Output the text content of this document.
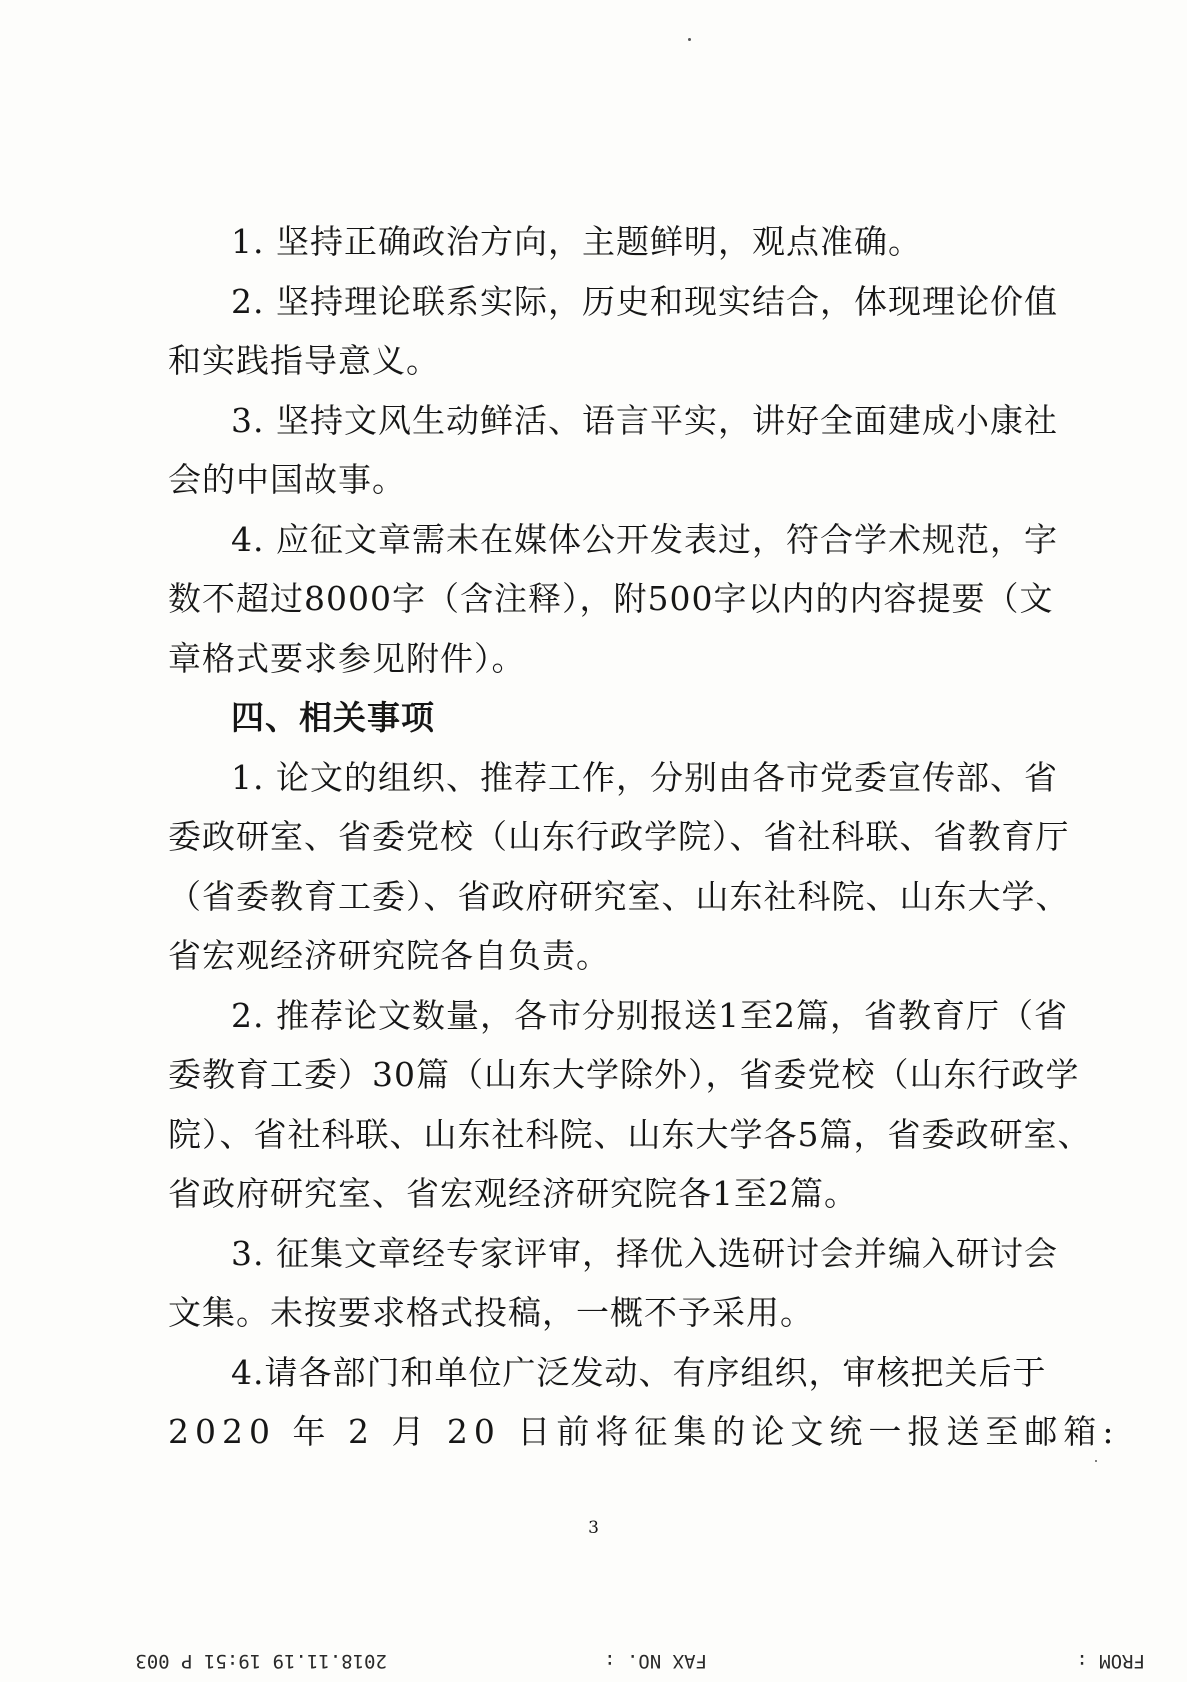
1. 坚持正确政治方向，主题鲜明，观点准确。
2. 坚持理论联系实际，历史和现实结合，体现理论价值
和实践指导意义。
3. 坚持文风生动鲜活、语言平实，讲好全面建成小康社
会的中国故事。
4. 应征文章需未在媒体公开发表过，符合学术规范，字
数不超过8000字（含注释），附500字以内的内容提要（文
章格式要求参见附件）。
四、相关事项
1. 论文的组织、推荐工作，分别由各市党委宣传部、省
委政研室、省委党校（山东行政学院）、省社科联、省教育厅
（省委教育工委）、省政府研究室、山东社科院、山东大学、
省宏观经济研究院各自负责。
2. 推荐论文数量，各市分别报送1至2篇，省教育厅（省
委教育工委）30篇（山东大学除外），省委党校（山东行政学
院）、省社科联、山东社科院、山东大学各5篇，省委政研室、
省政府研究室、省宏观经济研究院各1至2篇。
3. 征集文章经专家评审，择优入选研讨会并编入研讨会
文集。未按要求格式投稿，一概不予采用。
4.请各部门和单位广泛发动、有序组织，审核把关后于
2020 年 2 月 20 日前将征集的论文统一报送至邮箱:
3
FROM :
FAX NO. :
2018.11.19 19:51 P 003
